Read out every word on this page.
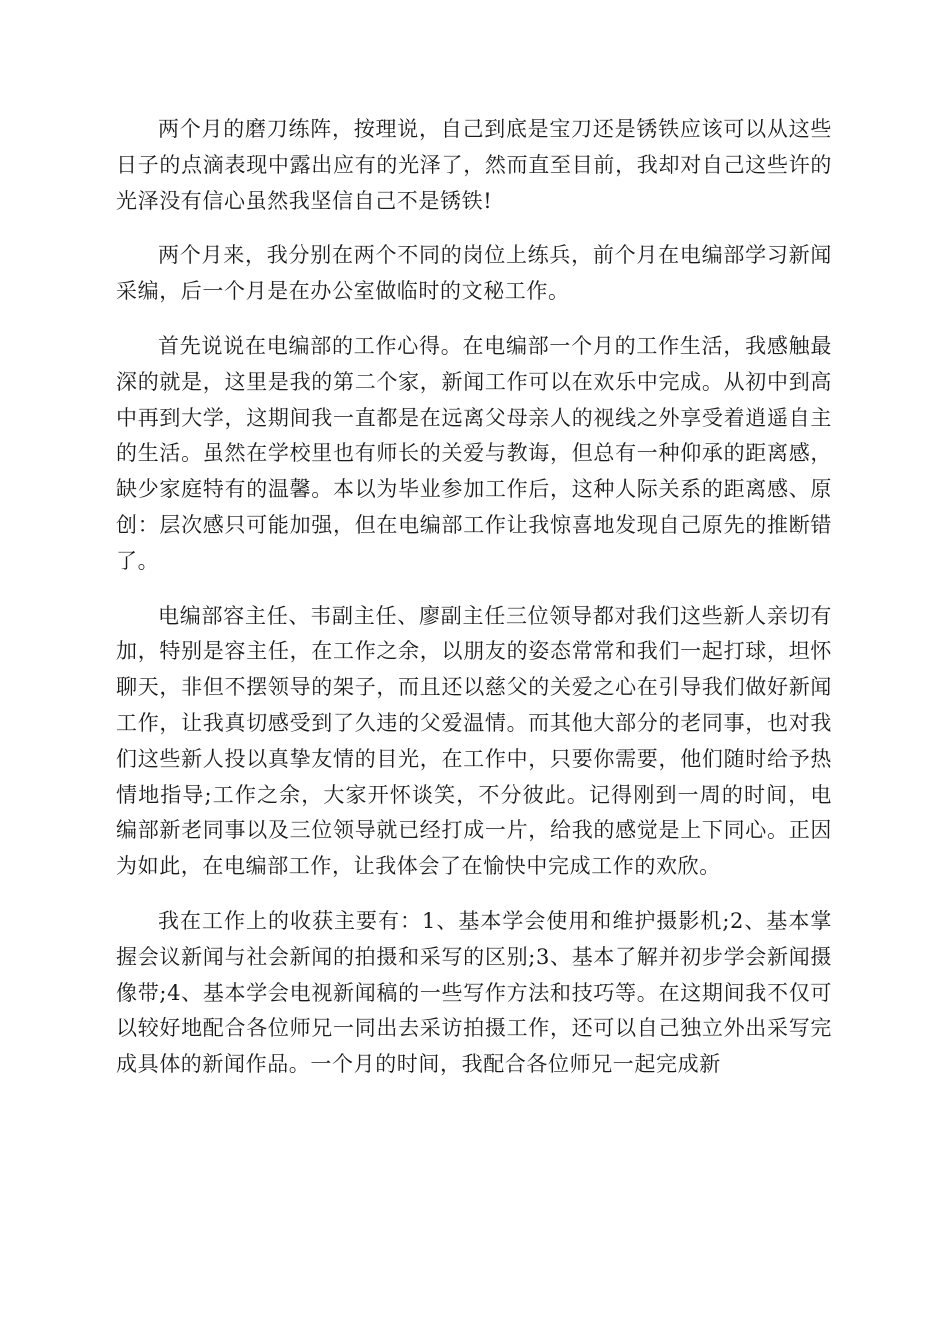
两个月的磨刀练阵，按理说，自己到底是宝刀还是锈铁应该可以从这些日子的点滴表现中露出应有的光泽了，然而直至目前，我却对自己这些许的光泽没有信心虽然我坚信自己不是锈铁!

两个月来，我分别在两个不同的岗位上练兵，前个月在电编部学习新闻采编，后一个月是在办公室做临时的文秘工作。

首先说说在电编部的工作心得。在电编部一个月的工作生活，我感触最深的就是，这里是我的第二个家，新闻工作可以在欢乐中完成。从初中到高中再到大学，这期间我一直都是在远离父母亲人的视线之外享受着逍遥自主的生活。虽然在学校里也有师长的关爱与教诲，但总有一种仰承的距离感，缺少家庭特有的温馨。本以为毕业参加工作后，这种人际关系的距离感、原创：层次感只可能加强，但在电编部工作让我惊喜地发现自己原先的推断错了。

电编部容主任、韦副主任、廖副主任三位领导都对我们这些新人亲切有加，特别是容主任，在工作之余，以朋友的姿态常常和我们一起打球，坦怀聊天，非但不摆领导的架子，而且还以慈父的关爱之心在引导我们做好新闻工作，让我真切感受到了久违的父爱温情。而其他大部分的老同事，也对我们这些新人投以真挚友情的目光，在工作中，只要你需要，他们随时给予热情地指导;工作之余，大家开怀谈笑，不分彼此。记得刚到一周的时间，电编部新老同事以及三位领导就已经打成一片，给我的感觉是上下同心。正因为如此，在电编部工作，让我体会了在愉快中完成工作的欢欣。

我在工作上的收获主要有：1、基本学会使用和维护摄影机;2、基本掌握会议新闻与社会新闻的拍摄和采写的区别;3、基本了解并初步学会新闻摄像带;4、基本学会电视新闻稿的一些写作方法和技巧等。在这期间我不仅可以较好地配合各位师兄一同出去采访拍摄工作，还可以自己独立外出采写完成具体的新闻作品。一个月的时间，我配合各位师兄一起完成新
